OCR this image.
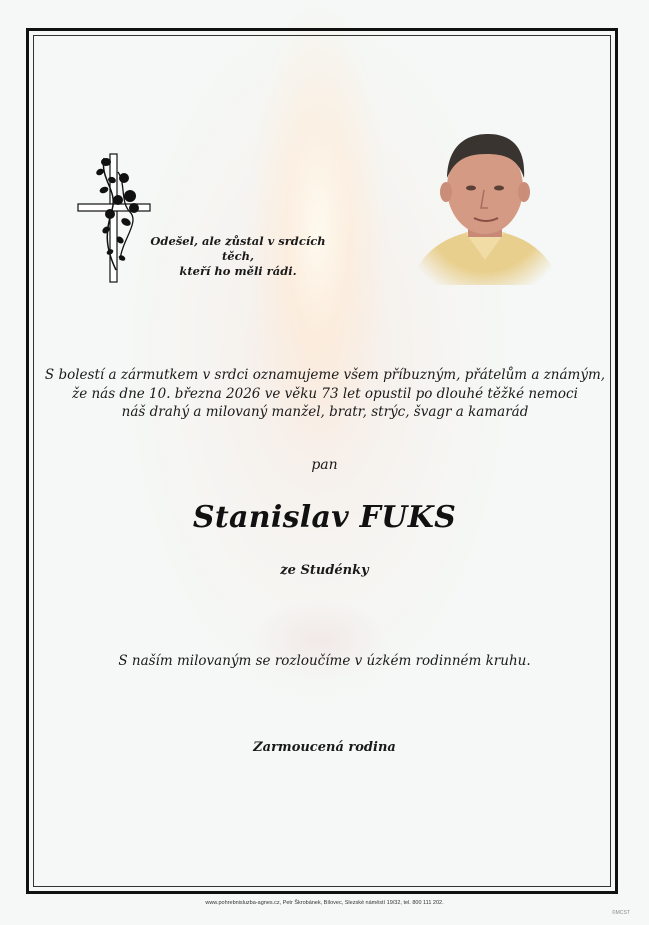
Odešel, ale zůstal v srdcích těch,
kteří ho měli rádi.
S bolestí a zármutkem v srdci oznamujeme všem příbuzným, přátelům a známým,
že nás dne 10. března 2026 ve věku 73 let opustil po dlouhé těžké nemoci
náš drahý a milovaný manžel, bratr, strýc, švagr a kamarád
pan
Stanislav FUKS
ze Studénky
S naším milovaným se rozloučíme v úzkém rodinném kruhu.
Zarmoucená rodina
www.pohrebnisluzba-agnes.cz, Petr Škrobánek, Bílovec, Slezské náměstí 19/32, tel. 800 111 202.
©MCST
